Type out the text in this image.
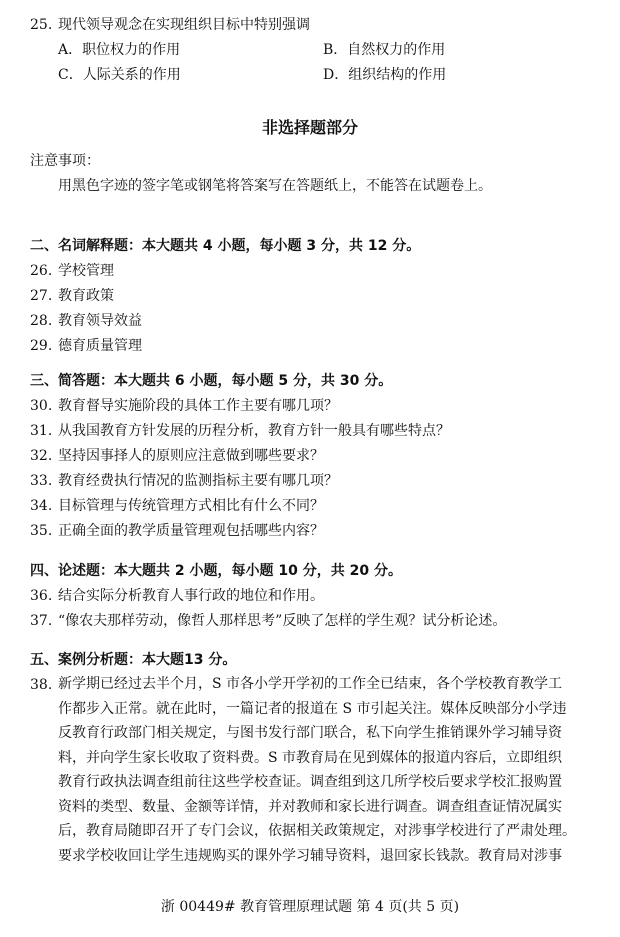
25. 现代领导观念在实现组织目标中特别强调
A．职位权力的作用	B．自然权力的作用
C．人际关系的作用	D．组织结构的作用
非选择题部分
注意事项：
用黑色字迹的签字笔或钢笔将答案写在答题纸上，不能答在试题卷上。
二、名词解释题：本大题共 4 小题，每小题 3 分，共 12 分。
26. 学校管理
27. 教育政策
28. 教育领导效益
29. 德育质量管理
三、简答题：本大题共 6 小题，每小题 5 分，共 30 分。
30. 教育督导实施阶段的具体工作主要有哪几项？
31. 从我国教育方针发展的历程分析，教育方针一般具有哪些特点？
32. 坚持因事择人的原则应注意做到哪些要求？
33. 教育经费执行情况的监测指标主要有哪几项？
34. 目标管理与传统管理方式相比有什么不同？
35. 正确全面的教学质量管理观包括哪些内容？
四、论述题：本大题共 2 小题，每小题 10 分，共 20 分。
36. 结合实际分析教育人事行政的地位和作用。
37. “像农夫那样劳动，像哲人那样思考”反映了怎样的学生观？试分析论述。
五、案例分析题：本大题13 分。
38. 新学期已经过去半个月，S 市各小学开学初的工作全已结束，各个学校教育教学工
作都步入正常。就在此时，一篇记者的报道在 S 市引起关注。媒体反映部分小学违
反教育行政部门相关规定，与图书发行部门联合，私下向学生推销课外学习辅导资
料，并向学生家长收取了资料费。S 市教育局在见到媒体的报道内容后，立即组织
教育行政执法调查组前往这些学校查证。调查组到这几所学校后要求学校汇报购置
资料的类型、数量、金额等详情，并对教师和家长进行调查。调查组查证情况属实
后，教育局随即召开了专门会议，依据相关政策规定，对涉事学校进行了严肃处理。
要求学校收回让学生违规购买的课外学习辅导资料，退回家长钱款。教育局对涉事
浙 00449# 教育管理原理试题 第 4 页(共 5 页)
